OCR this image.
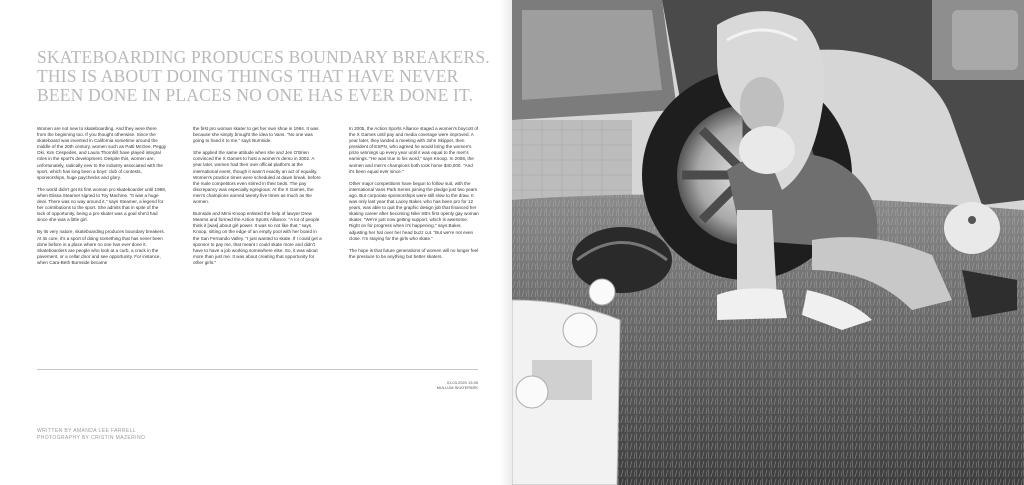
SKATEBOARDING PRODUCES BOUNDARY BREAKERS.
THIS IS ABOUT DOING THINGS THAT HAVE NEVER
BEEN DONE IN PLACES NO ONE HAS EVER DONE IT.

Women are not new to skateboarding. And they were there from the beginning too. If you thought otherwise. Since the skateboard was invented in California sometime around the middle of the 20th century, women such as Patti McGee, Peggy Oki, Kim Cespedes, and Laura Thornhill have played integral roles in the sport's development. Despite this, women are, unfortunately, radically new to the industry associated with the sport, which has long been a boys' club of contests, sponsorships, huge paychecks and glory.

The world didn't get its first woman pro skateboarder until 1998, when Elissa Steamer signed to Toy Machine. "It was a huge deal. There was no way around it," says Steamer, a legend for her contributions to the sport. She admits that in spite of the lack of opportunity, being a pro skater was a goal she'd had since she was a little girl.

By its very nature, skateboarding produces boundary breakers. At its core, it's a sport of doing something that has never been done before in a place where no one has ever done it. Skateboarders are people who look at a curb, a crack in the pavement, or a cellar door and see opportunity. For instance, when Cara-Beth Burnside became

the first pro woman skater to get her own shoe in 1994. It was because she simply brought the idea to Vans. "No one was going to hand it to me," says Burnside.

She applied the same attitude when she and Jen O'Brien convinced the X Games to host a women's demo in 2002. A year later, women had their own official platform at the international event, though it wasn't exactly an act of equality. Women's practice times were scheduled at dawn break, before the male competitors even stirred in their beds. The pay discrepancy was especially egregious: At the X Games, the men's champions earned twenty five times as much as the women.

Burnside and Mimi Knoop enlisted the help of lawyer Drew Mearns and formed the Action Sports Alliance. "A lot of people think it [was] about girl power. It was so not like that," says Knoop, sitting on the edge of an empty pool with her board in the San Fernando Valley. "I just wanted to skate. If I could get a sponsor to pay me, that meant I could skate more and didn't have to have a job working somewhere else. So, it was about more than just me. It was about creating that opportunity for other girls."

In 2005, the Action Sports Alliance staged a women's boycott of the X Games until pay and media coverage were improved. A year later, they landed a meeting with John Skipper, then president of ESPN, who agreed he would bring the women's prize winnings up every year until it was equal to the men's earnings. "He was true to his word," says Knoop. In 2008, the women and men's champions both took home $40,000. "And it's been equal ever since."

Other major competitions have begun to follow suit, with the international Vans Park Series joining the pledge just two years ago. But corporate sponsorships were still slow to the draw. It was only last year that Lacey Baker, who has been pro for 12 years, was able to quit the graphic design job that financed her skating career after becoming Nike SB's first openly gay woman skater. "We're just now getting support, which is awesome. Right on for progress when it's happening," says Baker, adjusting her hat over her head buzz cut. "But we're not even close. I'm staying for the girls who skate."

The hope is that future generations of women will no longer feel the pressure to be anything but better skaters.

01.03.2020 13:35
MULLUM SKATEPARK
WRITTEN BY AMANDA LEE FARRELL
PHOTOGRAPHY BY CRISTIN MAZERINO
